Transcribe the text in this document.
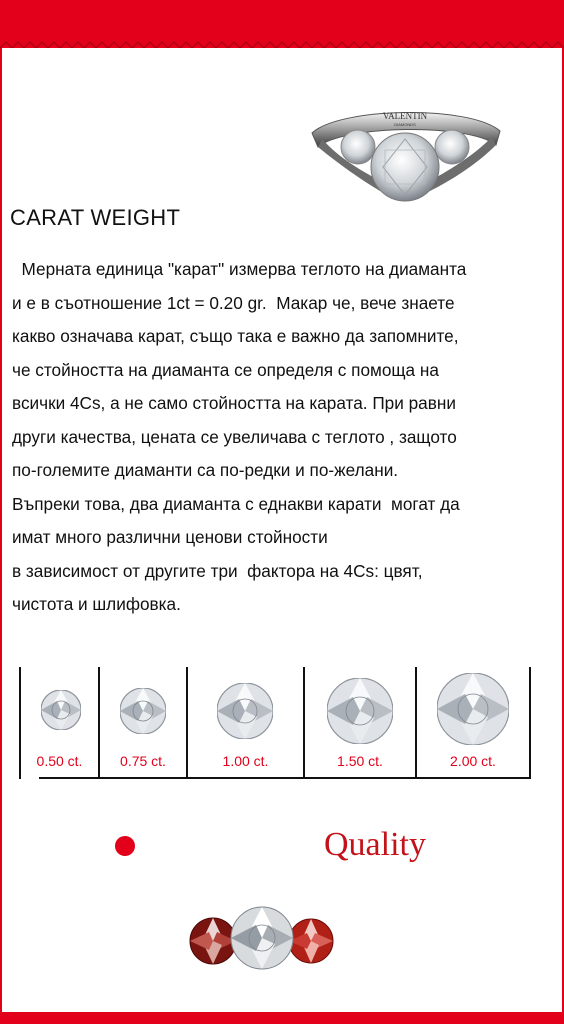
VALENTIN
DIAMONDS
CARAT WEIGHT

Мерната единица "карат" измерва теглото на диаманта
и е в съотношение 1ct = 0.20 gr.  Макар че, вече знаете
какво означава карат, също така е важно да запомните,
че стойността на диаманта се определя с помоща на
всички 4Cs, а не само стойността на карата. При равни
други качества, цената се увеличава с теглото , защото
по-големите диаманти са по-редки и по-желани.
Въпреки това, два диаманта с еднакви карати  могат да
имат много различни ценови стойности
в зависимост от другите три  фактора на 4Cs: цвят,
чистота и шлифовка.

0.50 ct.	0.75 ct.	1.00 ct.	1.50 ct.	2.00 ct.
Quality
